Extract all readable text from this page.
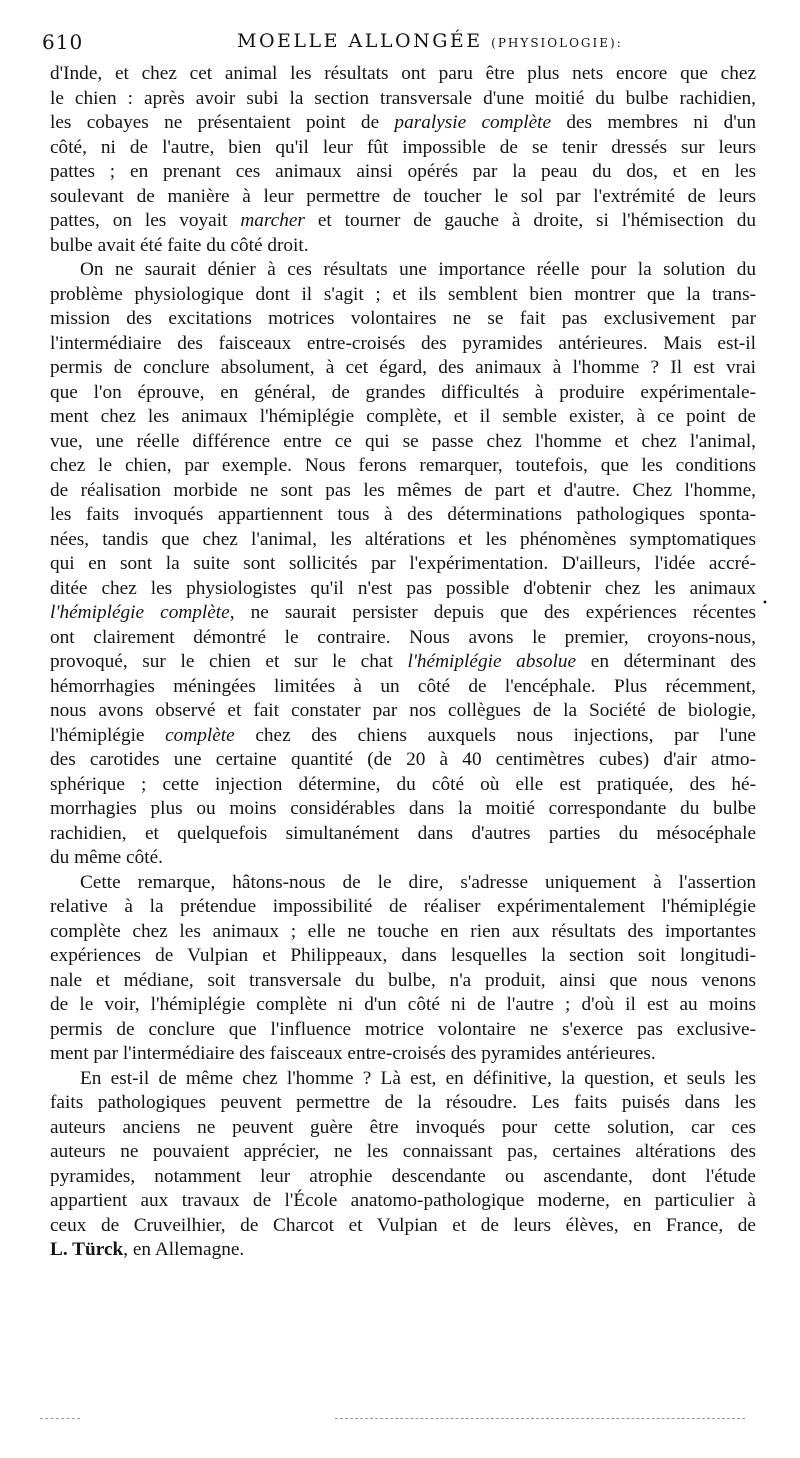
610	MOELLE ALLONGÉE (PHYSIOLOGIE):
d'Inde, et chez cet animal les résultats ont paru être plus nets encore que chez
le chien : après avoir subi la section transversale d'une moitié du bulbe rachidien,
les cobayes ne présentaient point de paralysie complète des membres ni d'un
côté, ni de l'autre, bien qu'il leur fût impossible de se tenir dressés sur leurs
pattes ; en prenant ces animaux ainsi opérés par la peau du dos, et en les
soulevant de manière à leur permettre de toucher le sol par l'extrémité de leurs
pattes, on les voyait marcher et tourner de gauche à droite, si l'hémisection du
bulbe avait été faite du côté droit.
On ne saurait dénier à ces résultats une importance réelle pour la solution du
problème physiologique dont il s'agit ; et ils semblent bien montrer que la trans-
mission des excitations motrices volontaires ne se fait pas exclusivement par
l'intermédiaire des faisceaux entre-croisés des pyramides antérieures. Mais est-il
permis de conclure absolument, à cet égard, des animaux à l'homme ? Il est vrai
que l'on éprouve, en général, de grandes difficultés à produire expérimentale-
ment chez les animaux l'hémiplégie complète, et il semble exister, à ce point de
vue, une réelle différence entre ce qui se passe chez l'homme et chez l'animal,
chez le chien, par exemple. Nous ferons remarquer, toutefois, que les conditions
de réalisation morbide ne sont pas les mêmes de part et d'autre. Chez l'homme,
les faits invoqués appartiennent tous à des déterminations pathologiques sponta-
nées, tandis que chez l'animal, les altérations et les phénomènes symptomatiques
qui en sont la suite sont sollicités par l'expérimentation. D'ailleurs, l'idée accré-
ditée chez les physiologistes qu'il n'est pas possible d'obtenir chez les animaux
l'hémiplégie complète, ne saurait persister depuis que des expériences récentes
ont clairement démontré le contraire. Nous avons le premier, croyons-nous,
provoqué, sur le chien et sur le chat l'hémiplégie absolue en déterminant des
hémorrhagies méningées limitées à un côté de l'encéphale. Plus récemment,
nous avons observé et fait constater par nos collègues de la Société de biologie,
l'hémiplégie complète chez des chiens auxquels nous injections, par l'une
des carotides une certaine quantité (de 20 à 40 centimètres cubes) d'air atmo-
sphérique ; cette injection détermine, du côté où elle est pratiquée, des hé-
morrhagies plus ou moins considérables dans la moitié correspondante du bulbe
rachidien, et quelquefois simultanément dans d'autres parties du mésocéphale
du même côté.
Cette remarque, hâtons-nous de le dire, s'adresse uniquement à l'assertion
relative à la prétendue impossibilité de réaliser expérimentalement l'hémiplégie
complète chez les animaux ; elle ne touche en rien aux résultats des importantes
expériences de Vulpian et Philippeaux, dans lesquelles la section soit longitudi-
nale et médiane, soit transversale du bulbe, n'a produit, ainsi que nous venons
de le voir, l'hémiplégie complète ni d'un côté ni de l'autre ; d'où il est au moins
permis de conclure que l'influence motrice volontaire ne s'exerce pas exclusive-
ment par l'intermédiaire des faisceaux entre-croisés des pyramides antérieures.
En est-il de même chez l'homme ? Là est, en définitive, la question, et seuls les
faits pathologiques peuvent permettre de la résoudre. Les faits puisés dans les
auteurs anciens ne peuvent guère être invoqués pour cette solution, car ces
auteurs ne pouvaient apprécier, ne les connaissant pas, certaines altérations des
pyramides, notamment leur atrophie descendante ou ascendante, dont l'étude
appartient aux travaux de l'École anatomo-pathologique moderne, en particulier à
ceux de Cruveilhier, de Charcot et Vulpian et de leurs élèves, en France, de
L. Türck, en Allemagne.
•
